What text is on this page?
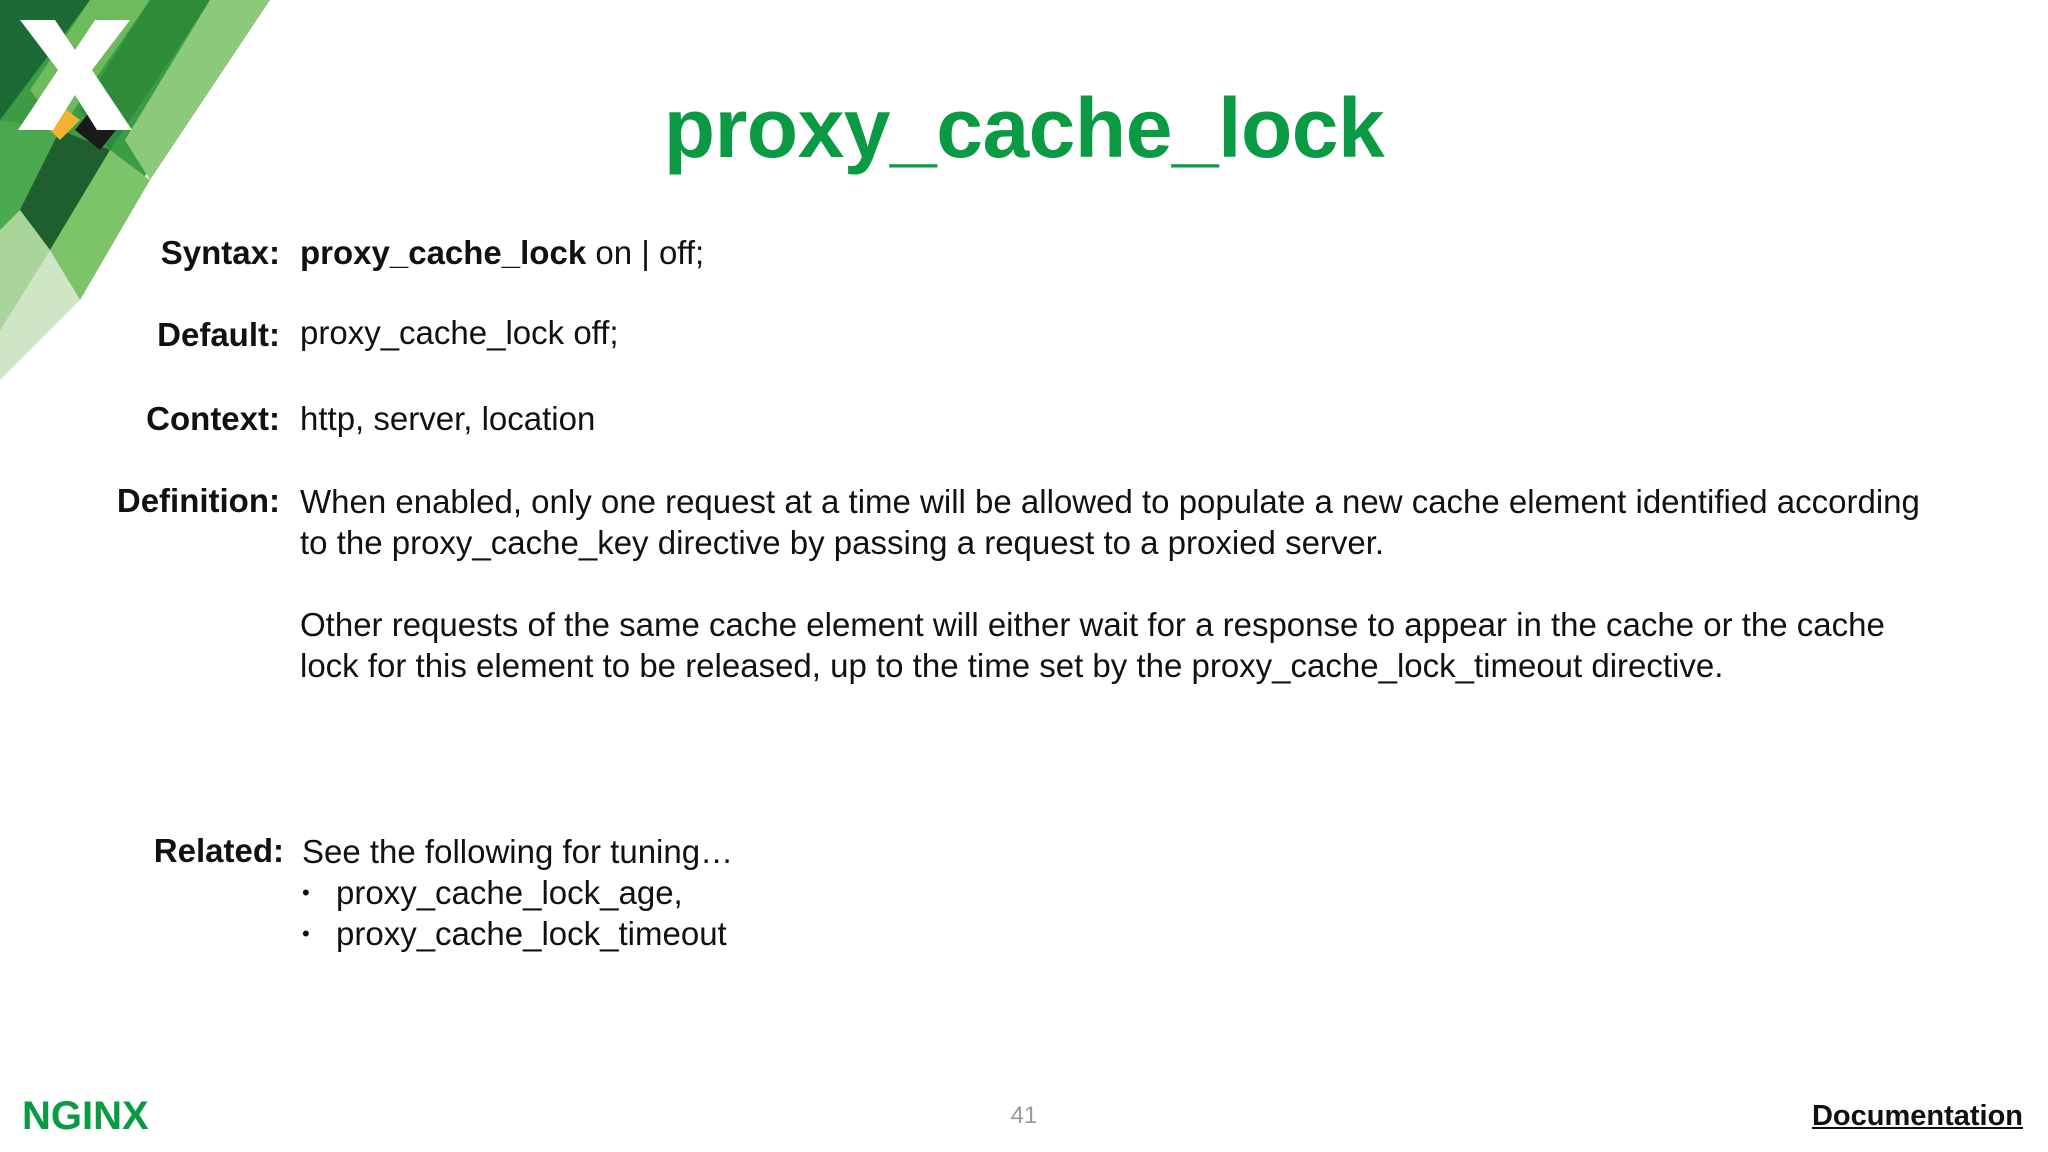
proxy_cache_lock
Syntax: proxy_cache_lock on | off;
Default: proxy_cache_lock off;
Context: http, server, location
Definition: When enabled, only one request at a time will be allowed to populate a new cache element identified according to the proxy_cache_key directive by passing a request to a proxied server.
Other requests of the same cache element will either wait for a response to appear in the cache or the cache lock for this element to be released, up to the time set by the proxy_cache_lock_timeout directive.
Related: See the following for tuning…
• proxy_cache_lock_age,
• proxy_cache_lock_timeout
NGINX	41	Documentation
